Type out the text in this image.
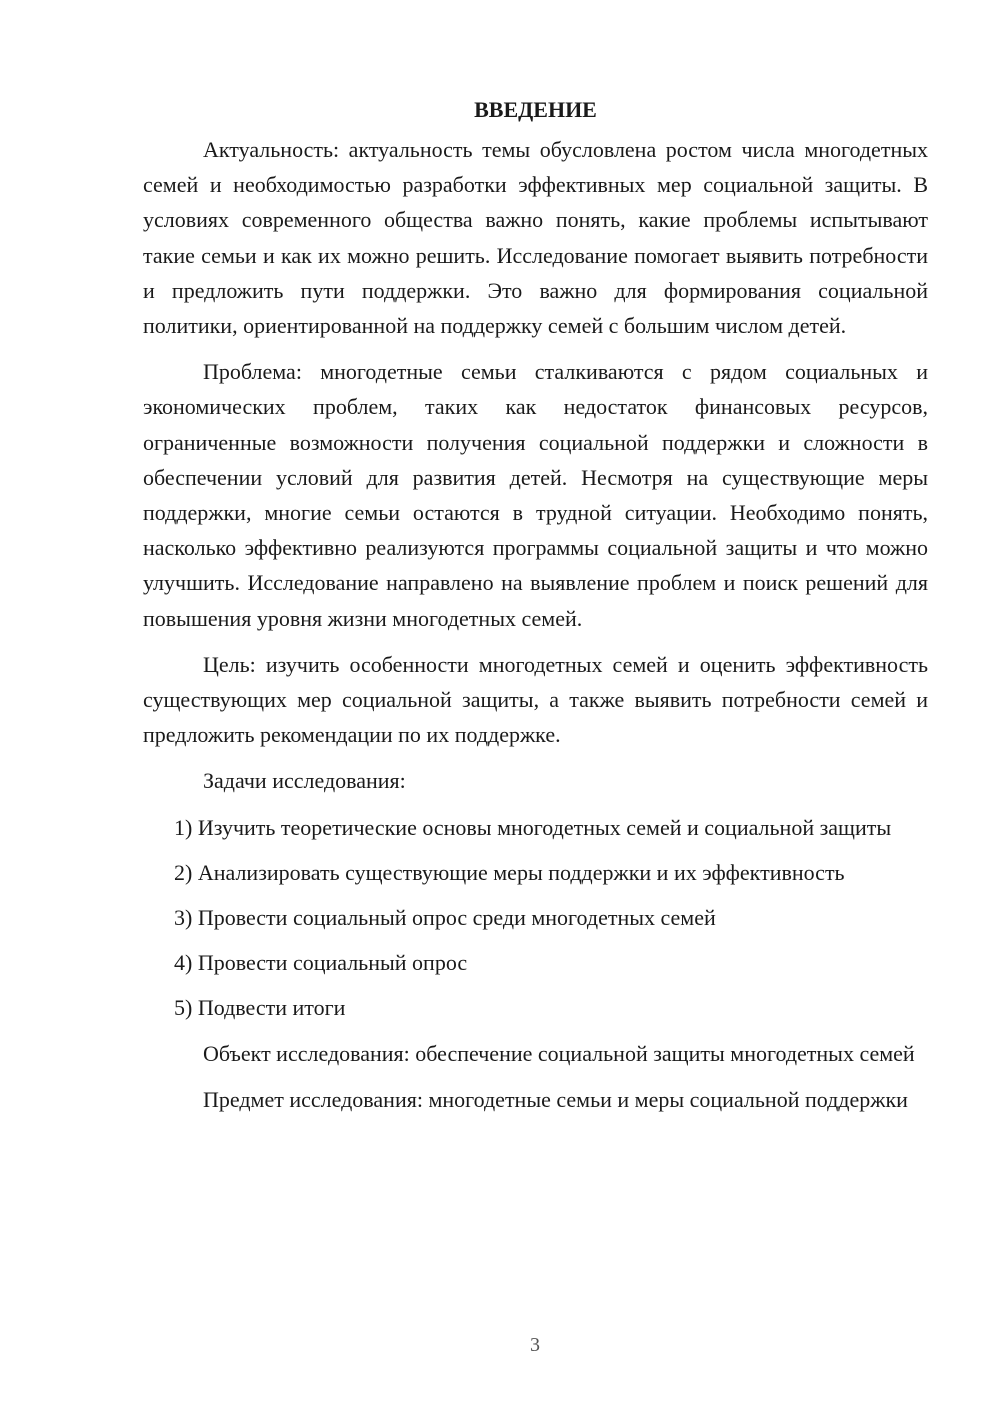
ВВЕДЕНИЕ

Актуальность: актуальность темы обусловлена ростом числа многодетных семей и необходимостью разработки эффективных мер социальной защиты. В условиях современного общества важно понять, какие проблемы испытывают такие семьи и как их можно решить. Исследование помогает выявить потребности и предложить пути поддержки. Это важно для формирования социальной политики, ориентированной на поддержку семей с большим числом детей.

Проблема: многодетные семьи сталкиваются с рядом социальных и экономических проблем, таких как недостаток финансовых ресурсов, ограниченные возможности получения социальной поддержки и сложности в обеспечении условий для развития детей. Несмотря на существующие меры поддержки, многие семьи остаются в трудной ситуации. Необходимо понять, насколько эффективно реализуются программы социальной защиты и что можно улучшить. Исследование направлено на выявление проблем и поиск решений для повышения уровня жизни многодетных семей.

Цель: изучить особенности многодетных семей и оценить эффективность существующих мер социальной защиты, а также выявить потребности семей и предложить рекомендации по их поддержке.

Задачи исследования:

1) Изучить теоретические основы многодетных семей и социальной защиты

2) Анализировать существующие меры поддержки и их эффективность

3) Провести социальный опрос среди многодетных семей

4) Провести социальный опрос

5) Подвести итоги

Объект исследования: обеспечение социальной защиты многодетных семей

Предмет исследования: многодетные семьи и меры социальной поддержки

3
